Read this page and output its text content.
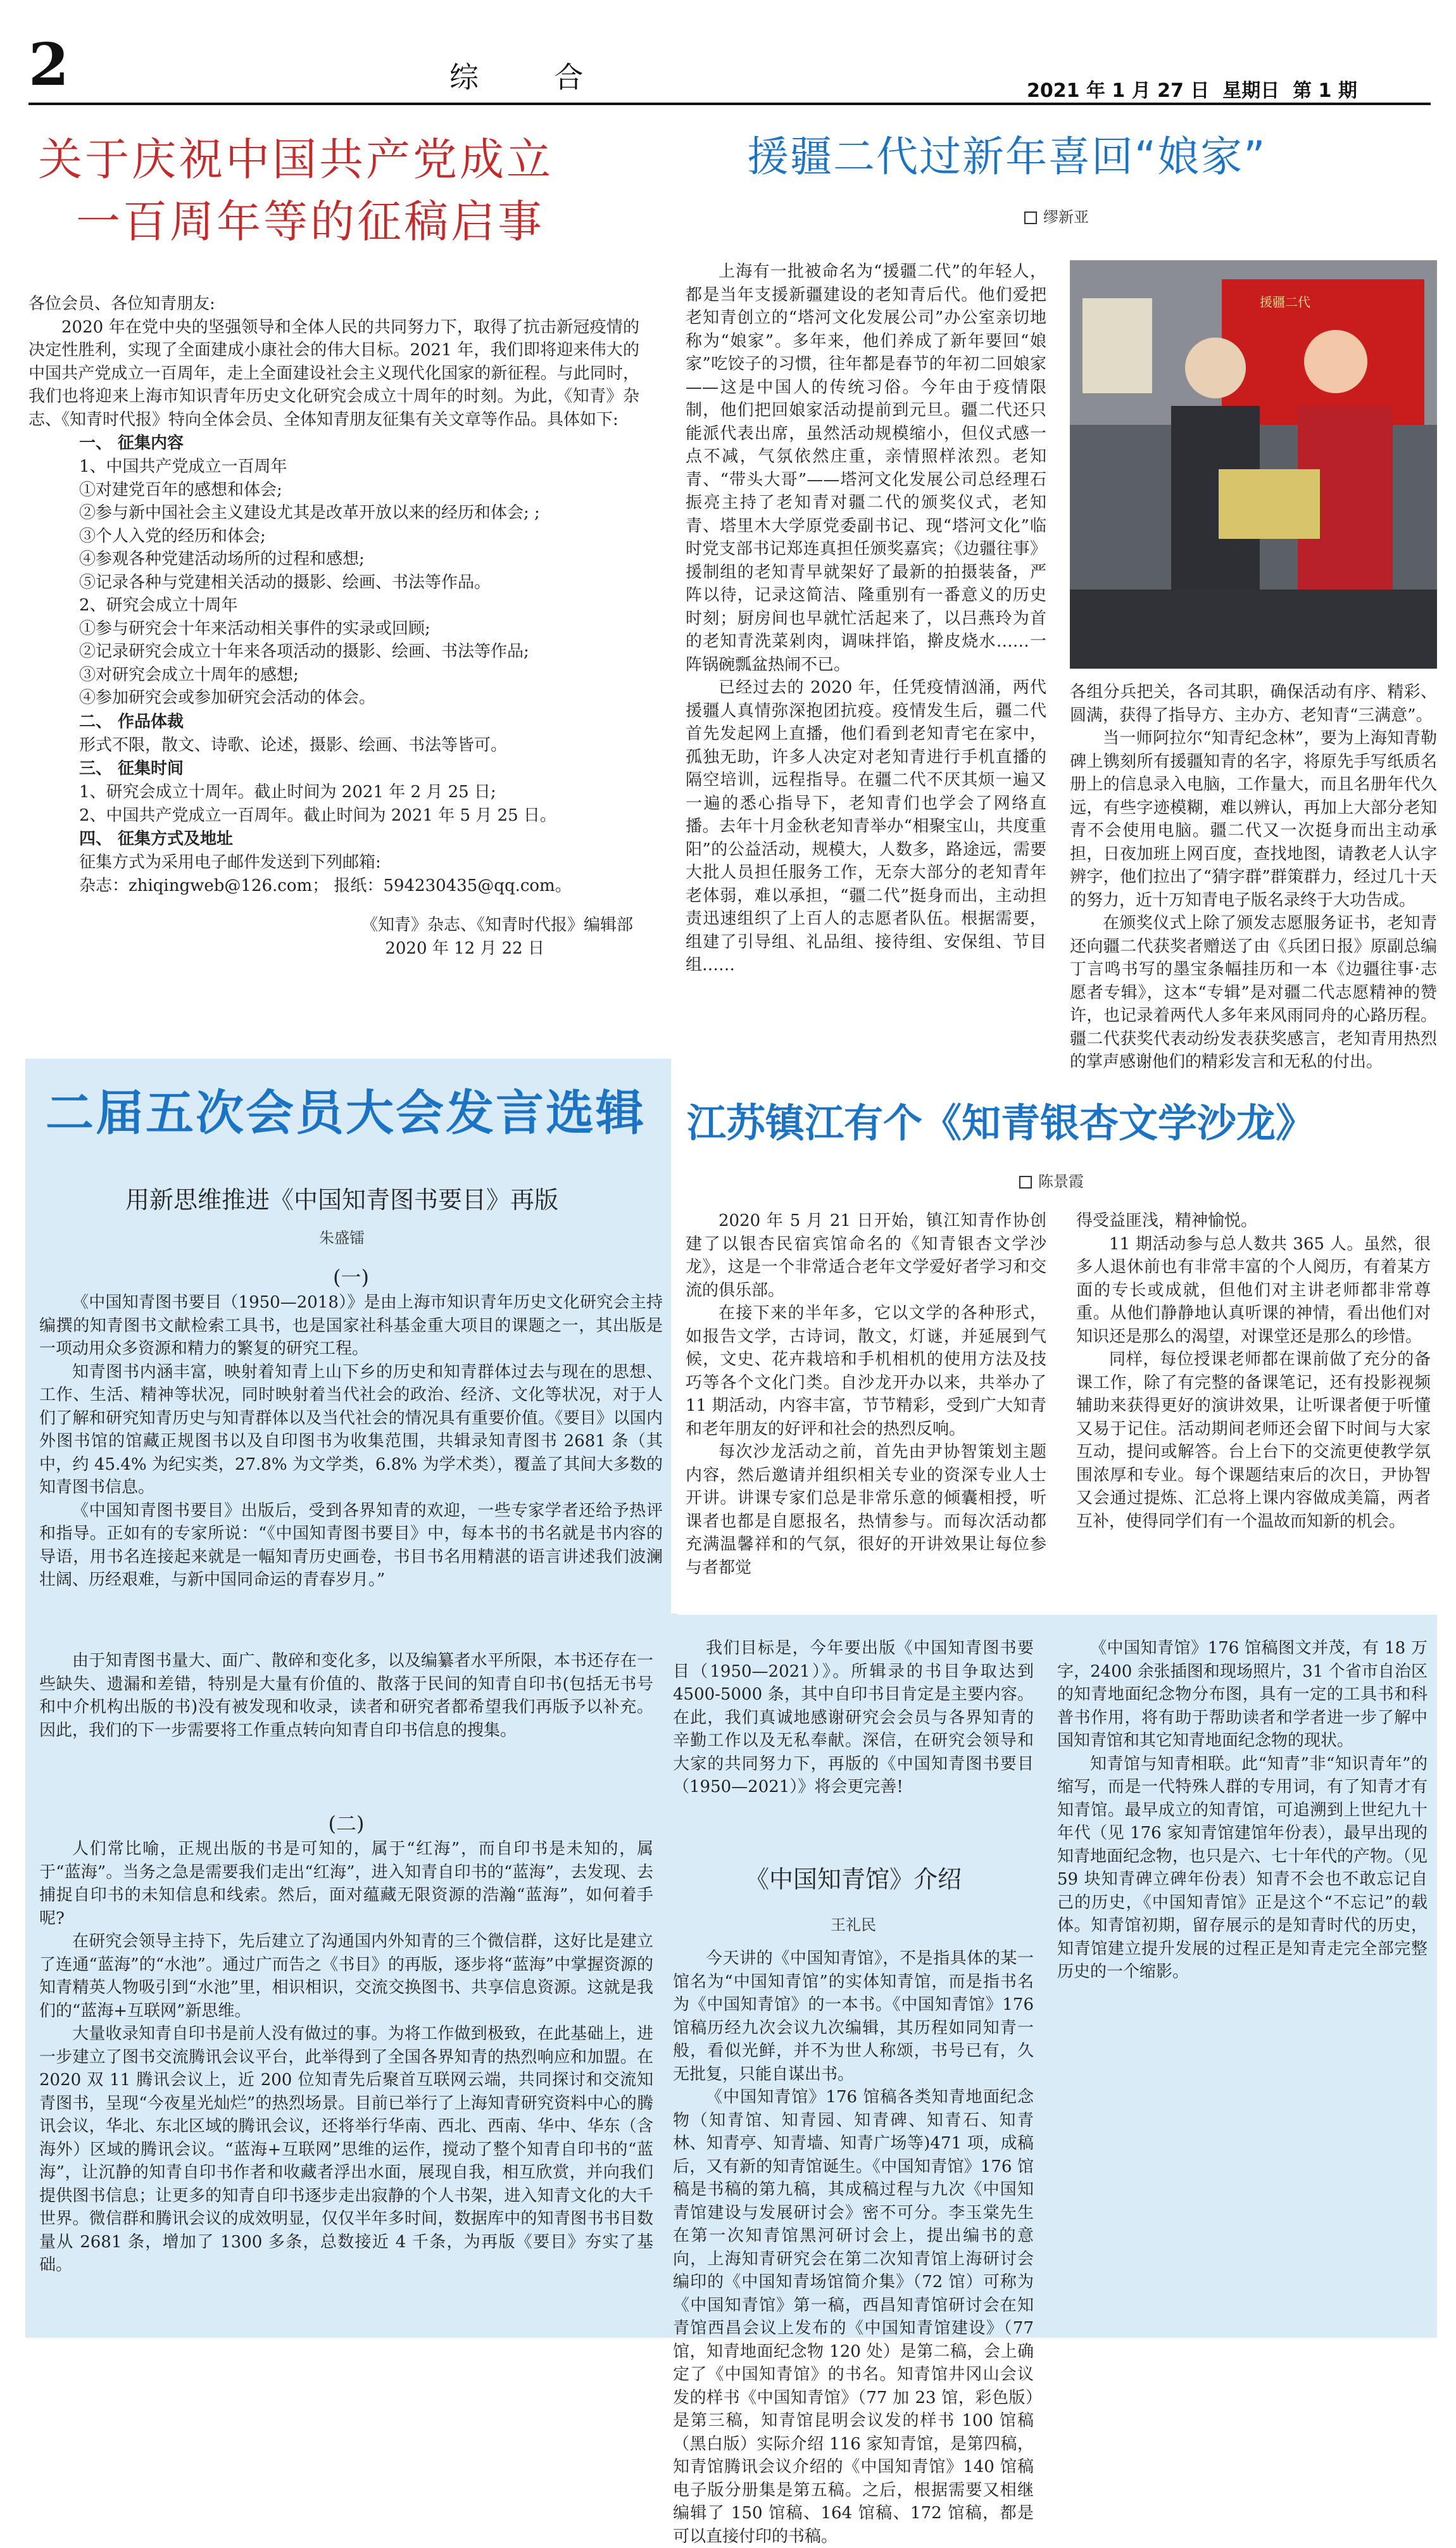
2	综  合	2021 年 1 月 27 日  星期日  第 1 期
关于庆祝中国共产党成立
一百周年等的征稿启事
各位会员、各位知青朋友:
2020 年在党中央的坚强领导和全体人民的共同努力下，取得了抗击新冠疫情的决定性胜利，实现了全面建成小康社会的伟大目标。2021 年，我们即将迎来伟大的中国共产党成立一百周年，走上全面建设社会主义现代化国家的新征程。与此同时，我们也将迎来上海市知识青年历史文化研究会成立十周年的时刻。为此，《知青》杂志、《知青时代报》特向全体会员、全体知青朋友征集有关文章等作品。具体如下:
一、 征集内容
1、中国共产党成立一百周年
①对建党百年的感想和体会;
②参与新中国社会主义建设尤其是改革开放以来的经历和体会; ;
③个人入党的经历和体会;
④参观各种党建活动场所的过程和感想;
⑤记录各种与党建相关活动的摄影、绘画、书法等作品。
2、研究会成立十周年
①参与研究会十年来活动相关事件的实录或回顾;
②记录研究会成立十年来各项活动的摄影、绘画、书法等作品;
③对研究会成立十周年的感想;
④参加研究会或参加研究会活动的体会。
二、 作品体裁
形式不限，散文、诗歌、论述，摄影、绘画、书法等皆可。
三、 征集时间
1、研究会成立十周年。截止时间为 2021 年 2 月 25 日;
2、中国共产党成立一百周年。截止时间为 2021 年 5 月 25 日。
四、 征集方式及地址
征集方式为采用电子邮件发送到下列邮箱:
杂志：zhiqingweb@126.com； 报纸：594230435@qq.com。
《知青》杂志、《知青时代报》编辑部
2020 年 12 月 22 日
援疆二代过新年喜回“娘家”
缪新亚
上海有一批被命名为“援疆二代”的年轻人，都是当年支援新疆建设的老知青后代。他们爱把老知青创立的“塔河文化发展公司”办公室亲切地称为“娘家”。多年来，他们养成了新年要回“娘家”吃饺子的习惯，往年都是春节的年初二回娘家——这是中国人的传统习俗。今年由于疫情限制，他们把回娘家活动提前到元旦。疆二代还只能派代表出席，虽然活动规模缩小，但仪式感一点不减，气氛依然庄重，亲情照样浓烈。老知青、“带头大哥”——塔河文化发展公司总经理石振亮主持了老知青对疆二代的颁奖仪式，老知青、塔里木大学原党委副书记、现“塔河文化”临时党支部书记郑连真担任颁奖嘉宾；《边疆往事》援制组的老知青早就架好了最新的拍摄装备，严阵以待，记录这简洁、隆重别有一番意义的历史时刻；厨房间也早就忙活起来了，以吕燕玲为首的老知青洗菜剁肉，调味拌馅，擀皮烧水……一阵锅碗瓢盆热闹不已。
已经过去的 2020 年，任凭疫情汹涌，两代援疆人真情弥深抱团抗疫。疫情发生后，疆二代首先发起网上直播，他们看到老知青宅在家中，孤独无助，许多人决定对老知青进行手机直播的隔空培训，远程指导。在疆二代不厌其烦一遍又一遍的悉心指导下，老知青们也学会了网络直播。去年十月金秋老知青举办“相聚宝山，共度重阳”的公益活动，规模大，人数多，路途远，需要大批人员担任服务工作，无奈大部分的老知青年老体弱，难以承担，“疆二代”挺身而出，主动担责迅速组织了上百人的志愿者队伍。根据需要，组建了引导组、礼品组、接待组、安保组、节目组……
援疆二代
各组分兵把关，各司其职，确保活动有序、精彩、圆满，获得了指导方、主办方、老知青“三满意”。
当一师阿拉尔“知青纪念林”，要为上海知青勒碑上镌刻所有援疆知青的名字，将原先手写纸质名册上的信息录入电脑，工作量大，而且名册年代久远，有些字迹模糊，难以辨认，再加上大部分老知青不会使用电脑。疆二代又一次挺身而出主动承担，日夜加班上网百度，查找地图，请教老人认字辨字，他们拉出了“猜字群”群策群力，经过几十天的努力，近十万知青电子版名录终于大功告成。
在颁奖仪式上除了颁发志愿服务证书，老知青还向疆二代获奖者赠送了由《兵团日报》原副总编丁言鸣书写的墨宝条幅挂历和一本《边疆往事·志愿者专辑》，这本“专辑”是对疆二代志愿精神的赞许，也记录着两代人多年来风雨同舟的心路历程。疆二代获奖代表动纷发表获奖感言，老知青用热烈的掌声感谢他们的精彩发言和无私的付出。
二届五次会员大会发言选辑
用新思维推进《中国知青图书要目》再版
朱盛镭
(一)
《中国知青图书要目（1950—2018）》是由上海市知识青年历史文化研究会主持编撰的知青图书文献检索工具书，也是国家社科基金重大项目的课题之一，其出版是一项动用众多资源和精力的繁复的研究工程。
知青图书内涵丰富，映射着知青上山下乡的历史和知青群体过去与现在的思想、工作、生活、精神等状况，同时映射着当代社会的政治、经济、文化等状况，对于人们了解和研究知青历史与知青群体以及当代社会的情况具有重要价值。《要目》以国内外图书馆的馆藏正规图书以及自印图书为收集范围，共辑录知青图书 2681 条（其中，约 45.4% 为纪实类，27.8% 为文学类，6.8% 为学术类），覆盖了其间大多数的知青图书信息。
《中国知青图书要目》出版后，受到各界知青的欢迎，一些专家学者还给予热评和指导。正如有的专家所说：“《中国知青图书要目》中，每本书的书名就是书内容的导语，用书名连接起来就是一幅知青历史画卷，书目书名用精湛的语言讲述我们波澜壮阔、历经艰难，与新中国同命运的青春岁月。”
由于知青图书量大、面广、散碎和变化多，以及编纂者水平所限，本书还存在一些缺失、遗漏和差错，特别是大量有价值的、散落于民间的知青自印书(包括无书号和中介机构出版的书)没有被发现和收录，读者和研究者都希望我们再版予以补充。因此，我们的下一步需要将工作重点转向知青自印书信息的搜集。
(二)
人们常比喻，正规出版的书是可知的，属于“红海”，而自印书是未知的，属于“蓝海”。当务之急是需要我们走出“红海”，进入知青自印书的“蓝海”，去发现、去捕捉自印书的未知信息和线索。然后，面对蕴藏无限资源的浩瀚“蓝海”，如何着手呢?
在研究会领导主持下，先后建立了沟通国内外知青的三个微信群，这好比是建立了连通“蓝海”的“水池”。通过广而告之《书目》的再版，逐步将“蓝海”中掌握资源的知青精英人物吸引到“水池”里，相识相识，交流交换图书、共享信息资源。这就是我们的“蓝海+互联网”新思维。
大量收录知青自印书是前人没有做过的事。为将工作做到极致，在此基础上，进一步建立了图书交流腾讯会议平台，此举得到了全国各界知青的热烈响应和加盟。在 2020 双 11 腾讯会议上，近 200 位知青先后聚首互联网云端，共同探讨和交流知青图书，呈现“今夜星光灿烂”的热烈场景。目前已举行了上海知青研究资料中心的腾讯会议，华北、东北区域的腾讯会议，还将举行华南、西北、西南、华中、华东（含海外）区域的腾讯会议。“蓝海+互联网”思维的运作，搅动了整个知青自印书的“蓝海”，让沉静的知青自印书作者和收藏者浮出水面，展现自我，相互欣赏，并向我们提供图书信息；让更多的知青自印书逐步走出寂静的个人书架，进入知青文化的大千世界。微信群和腾讯会议的成效明显，仅仅半年多时间，数据库中的知青图书书目数量从 2681 条，增加了 1300 多条，总数接近 4 千条，为再版《要目》夯实了基础。
江苏镇江有个《知青银杏文学沙龙》
陈景霞
2020 年 5 月 21 日开始，镇江知青作协创建了以银杏民宿宾馆命名的《知青银杏文学沙龙》，这是一个非常适合老年文学爱好者学习和交流的俱乐部。
在接下来的半年多，它以文学的各种形式，如报告文学，古诗词，散文，灯谜，并延展到气候，文史、花卉栽培和手机相机的使用方法及技巧等各个文化门类。自沙龙开办以来，共举办了 11 期活动，内容丰富，节节精彩，受到广大知青和老年朋友的好评和社会的热烈反响。
每次沙龙活动之前，首先由尹协智策划主题内容，然后邀请并组织相关专业的资深专业人士开讲。讲课专家们总是非常乐意的倾囊相授，听课者也都是自愿报名，热情参与。而每次活动都充满温馨祥和的气氛，很好的开讲效果让每位参与者都觉
得受益匪浅，精神愉悦。
11 期活动参与总人数共 365 人。虽然，很多人退休前也有非常丰富的个人阅历，有着某方面的专长或成就，但他们对主讲老师都非常尊重。从他们静静地认真听课的神情，看出他们对知识还是那么的渴望，对课堂还是那么的珍惜。
同样，每位授课老师都在课前做了充分的备课工作，除了有完整的备课笔记，还有投影视频辅助来获得更好的演讲效果，让听课者便于听懂又易于记住。活动期间老师还会留下时间与大家互动，提问或解答。台上台下的交流更使教学氛围浓厚和专业。每个课题结束后的次日，尹协智又会通过提炼、汇总将上课内容做成美篇，两者互补，使得同学们有一个温故而知新的机会。
我们目标是，今年要出版《中国知青图书要目（1950—2021）》。所辑录的书目争取达到 4500-5000 条，其中自印书目肯定是主要内容。在此，我们真诚地感谢研究会会员与各界知青的辛勤工作以及无私奉献。深信，在研究会领导和大家的共同努力下，再版的《中国知青图书要目（1950—2021）》将会更完善!
《中国知青馆》介绍
王礼民
今天讲的《中国知青馆》，不是指具体的某一馆名为“中国知青馆”的实体知青馆，而是指书名为《中国知青馆》的一本书。《中国知青馆》176 馆稿历经九次会议九次编辑，其历程如同知青一般，看似光鲜，并不为世人称颂，书号已有，久无批复，只能自谋出书。
《中国知青馆》176 馆稿各类知青地面纪念物（知青馆、知青园、知青碑、知青石、知青林、知青亭、知青墙、知青广场等)471 项，成稿后，又有新的知青馆诞生。《中国知青馆》176 馆稿是书稿的第九稿，其成稿过程与九次《中国知青馆建设与发展研讨会》密不可分。李玉棠先生在第一次知青馆黑河研讨会上，提出编书的意向，上海知青研究会在第二次知青馆上海研讨会编印的《中国知青场馆简介集》（72 馆）可称为《中国知青馆》第一稿，西昌知青馆研讨会在知青馆西昌会议上发布的《中国知青馆建设》（77 馆，知青地面纪念物 120 处）是第二稿，会上确定了《中国知青馆》的书名。知青馆井冈山会议发的样书《中国知青馆》（77 加 23 馆，彩色版）是第三稿，知青馆昆明会议发的样书 100 馆稿（黑白版）实际介绍 116 家知青馆，是第四稿，知青馆腾讯会议介绍的《中国知青馆》140 馆稿电子版分册集是第五稿。之后，根据需要又相继编辑了 150 馆稿、164 馆稿、172 馆稿，都是可以直接付印的书稿。
《中国知青馆》176 馆稿图文并茂，有 18 万字，2400 余张插图和现场照片，31 个省市自治区的知青地面纪念物分布图，具有一定的工具书和科普书作用，将有助于帮助读者和学者进一步了解中国知青馆和其它知青地面纪念物的现状。
知青馆与知青相联。此“知青”非“知识青年”的缩写，而是一代特殊人群的专用词，有了知青才有知青馆。最早成立的知青馆，可追溯到上世纪九十年代（见 176 家知青馆建馆年份表），最早出现的知青地面纪念物，也只是六、七十年代的产物。（见 59 块知青碑立碑年份表）知青不会也不敢忘记自己的历史，《中国知青馆》正是这个“不忘记”的载体。知青馆初期，留存展示的是知青时代的历史，知青馆建立提升发展的过程正是知青走完全部完整历史的一个缩影。
